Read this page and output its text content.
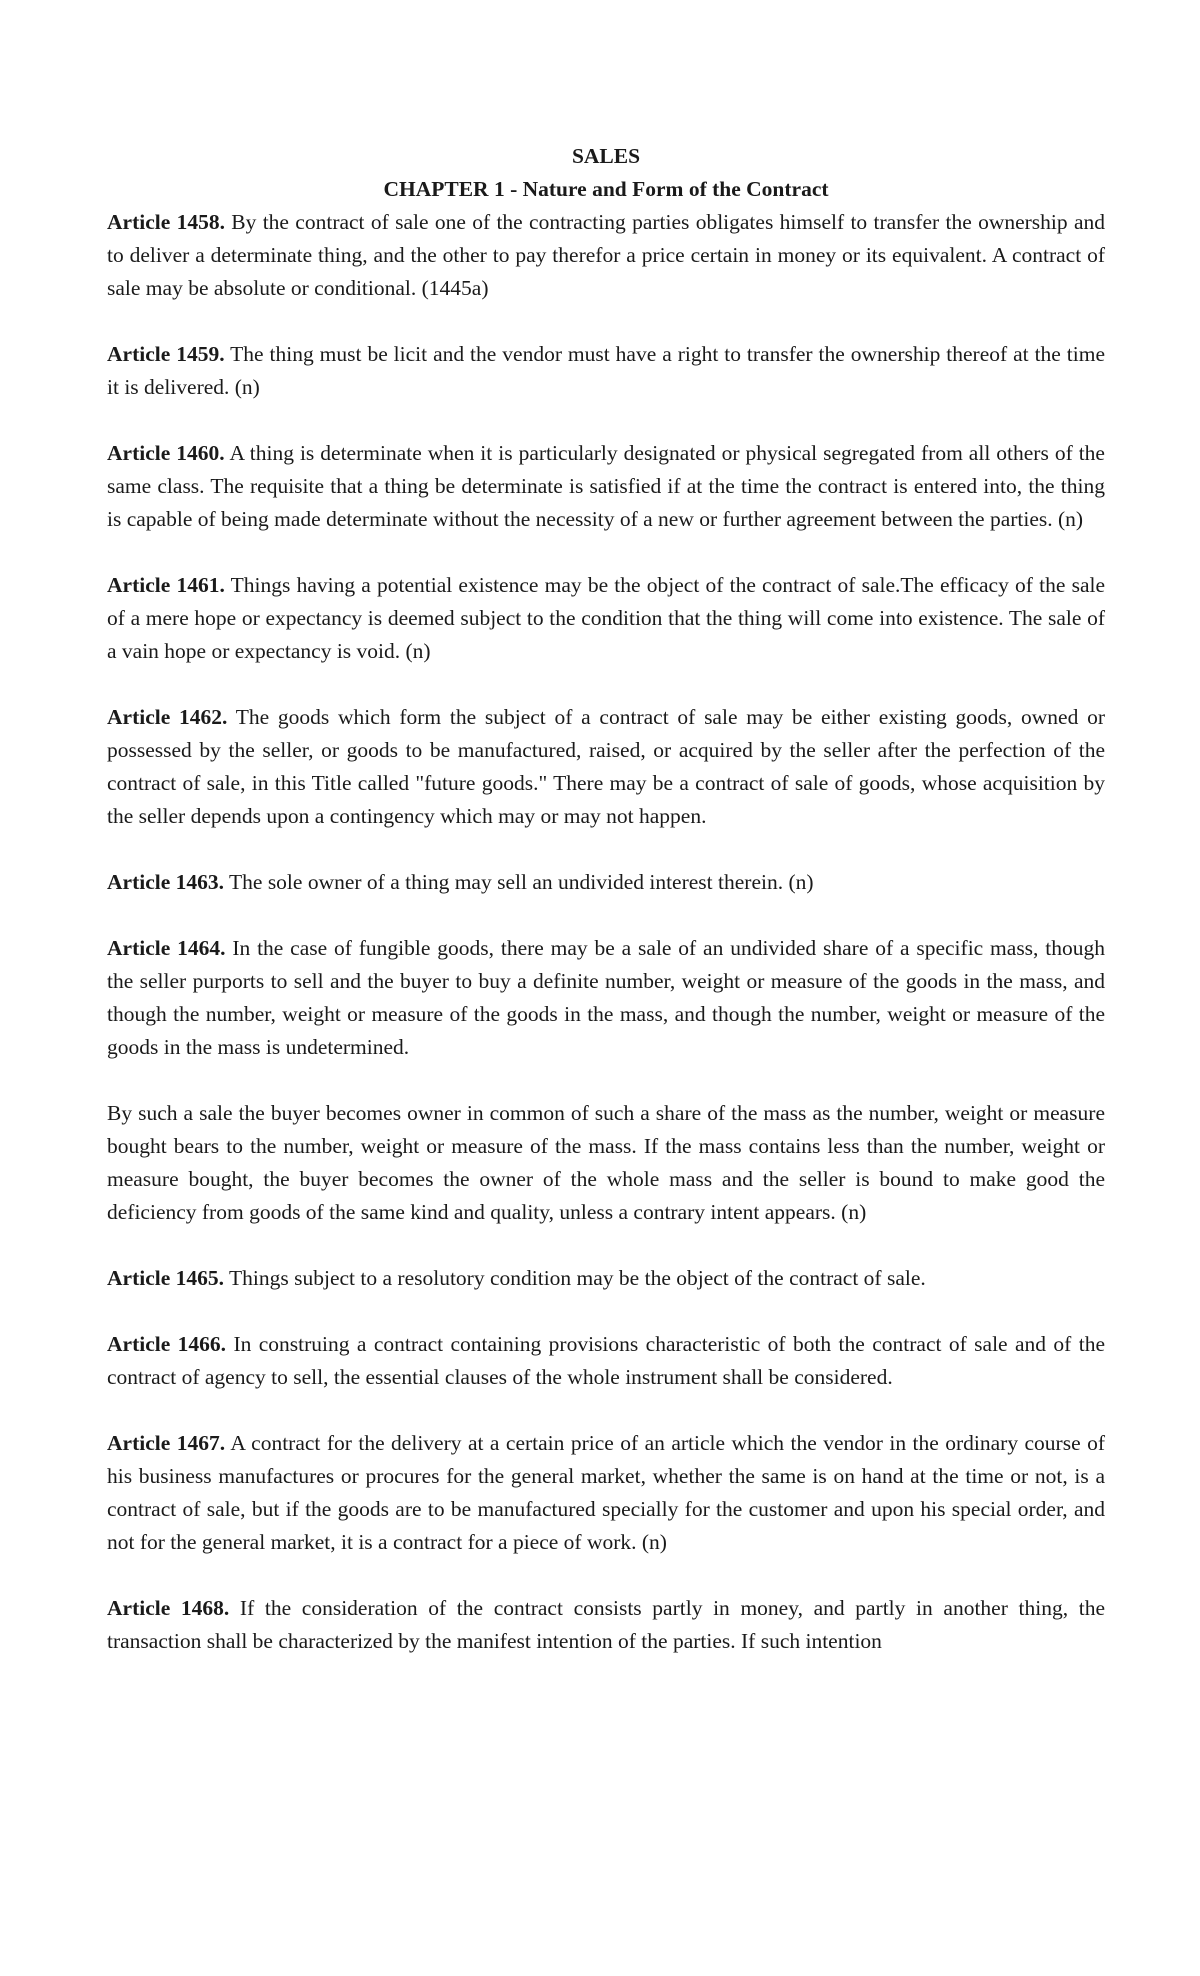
SALES

CHAPTER 1 - Nature and Form of the Contract

Article 1458. By the contract of sale one of the contracting parties obligates himself to transfer the ownership and to deliver a determinate thing, and the other to pay therefor a price certain in money or its equivalent. A contract of sale may be absolute or conditional. (1445a)

Article 1459. The thing must be licit and the vendor must have a right to transfer the ownership thereof at the time it is delivered. (n)

Article 1460. A thing is determinate when it is particularly designated or physical segregated from all others of the same class. The requisite that a thing be determinate is satisfied if at the time the contract is entered into, the thing is capable of being made determinate without the necessity of a new or further agreement between the parties. (n)

Article 1461. Things having a potential existence may be the object of the contract of sale.The efficacy of the sale of a mere hope or expectancy is deemed subject to the condition that the thing will come into existence. The sale of a vain hope or expectancy is void. (n)

Article 1462. The goods which form the subject of a contract of sale may be either existing goods, owned or possessed by the seller, or goods to be manufactured, raised, or acquired by the seller after the perfection of the contract of sale, in this Title called "future goods." There may be a contract of sale of goods, whose acquisition by the seller depends upon a contingency which may or may not happen.

Article 1463. The sole owner of a thing may sell an undivided interest therein. (n)

Article 1464. In the case of fungible goods, there may be a sale of an undivided share of a specific mass, though the seller purports to sell and the buyer to buy a definite number, weight or measure of the goods in the mass, and though the number, weight or measure of the goods in the mass, and though the number, weight or measure of the goods in the mass is undetermined.

By such a sale the buyer becomes owner in common of such a share of the mass as the number, weight or measure bought bears to the number, weight or measure of the mass. If the mass contains less than the number, weight or measure bought, the buyer becomes the owner of the whole mass and the seller is bound to make good the deficiency from goods of the same kind and quality, unless a contrary intent appears. (n)

Article 1465. Things subject to a resolutory condition may be the object of the contract of sale.

Article 1466. In construing a contract containing provisions characteristic of both the contract of sale and of the contract of agency to sell, the essential clauses of the whole instrument shall be considered.

Article 1467. A contract for the delivery at a certain price of an article which the vendor in the ordinary course of his business manufactures or procures for the general market, whether the same is on hand at the time or not, is a contract of sale, but if the goods are to be manufactured specially for the customer and upon his special order, and not for the general market, it is a contract for a piece of work. (n)

Article 1468. If the consideration of the contract consists partly in money, and partly in another thing, the transaction shall be characterized by the manifest intention of the parties. If such intention
